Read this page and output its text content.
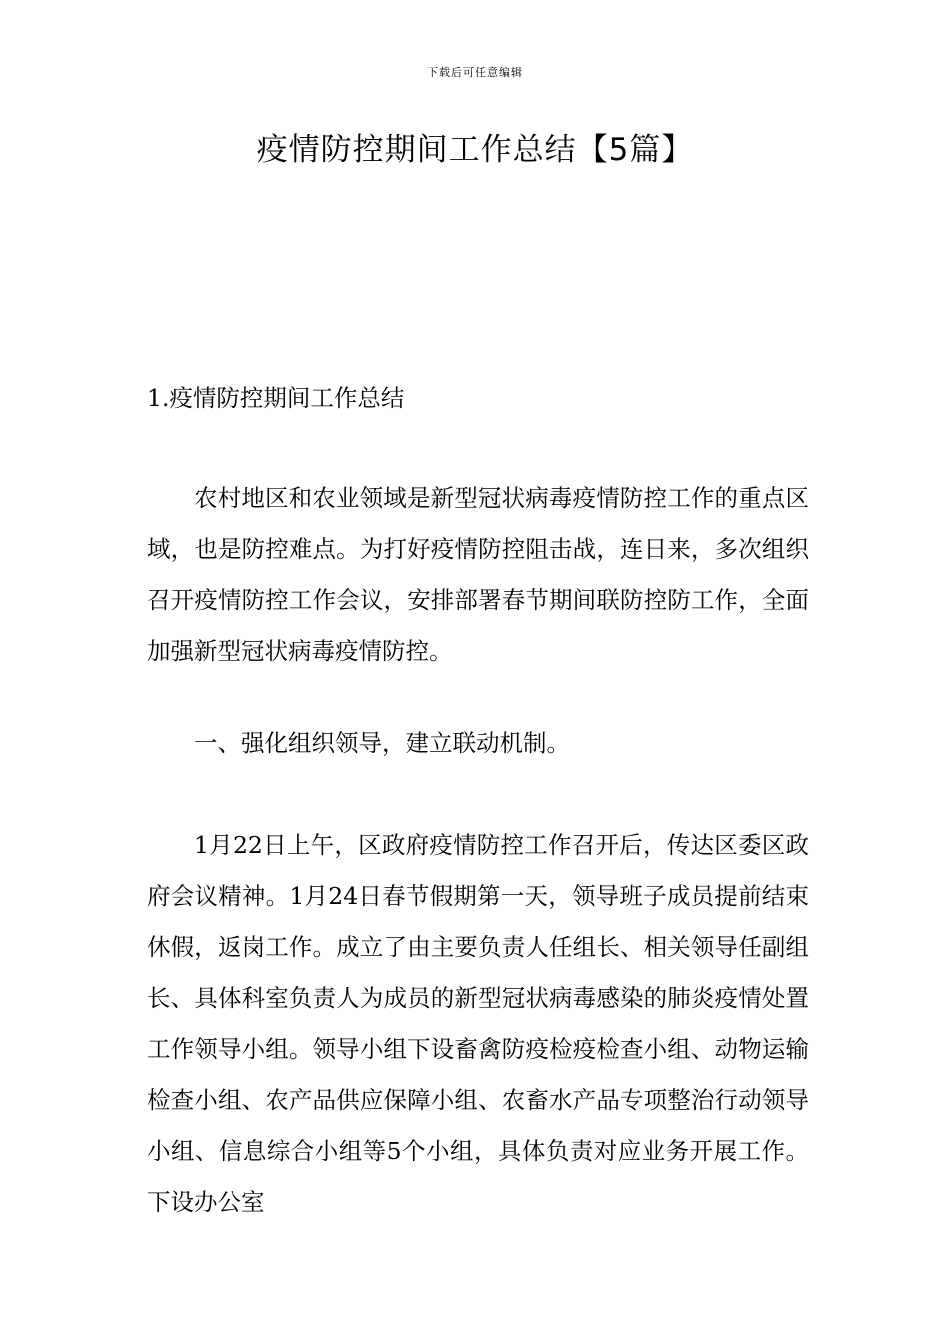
下载后可任意编辑
疫情防控期间工作总结【5篇】

1.疫情防控期间工作总结

农村地区和农业领域是新型冠状病毒疫情防控工作的重点区域，也是防控难点。为打好疫情防控阻击战，连日来，多次组织召开疫情防控工作会议，安排部署春节期间联防控防工作，全面加强新型冠状病毒疫情防控。

一、强化组织领导，建立联动机制。

1月22日上午，区政府疫情防控工作召开后，传达区委区政府会议精神。1月24日春节假期第一天，领导班子成员提前结束休假，返岗工作。成立了由主要负责人任组长、相关领导任副组长、具体科室负责人为成员的新型冠状病毒感染的肺炎疫情处置工作领导小组。领导小组下设畜禽防疫检疫检查小组、动物运输检查小组、农产品供应保障小组、农畜水产品专项整治行动领导小组、信息综合小组等5个小组，具体负责对应业务开展工作。下设办公室
